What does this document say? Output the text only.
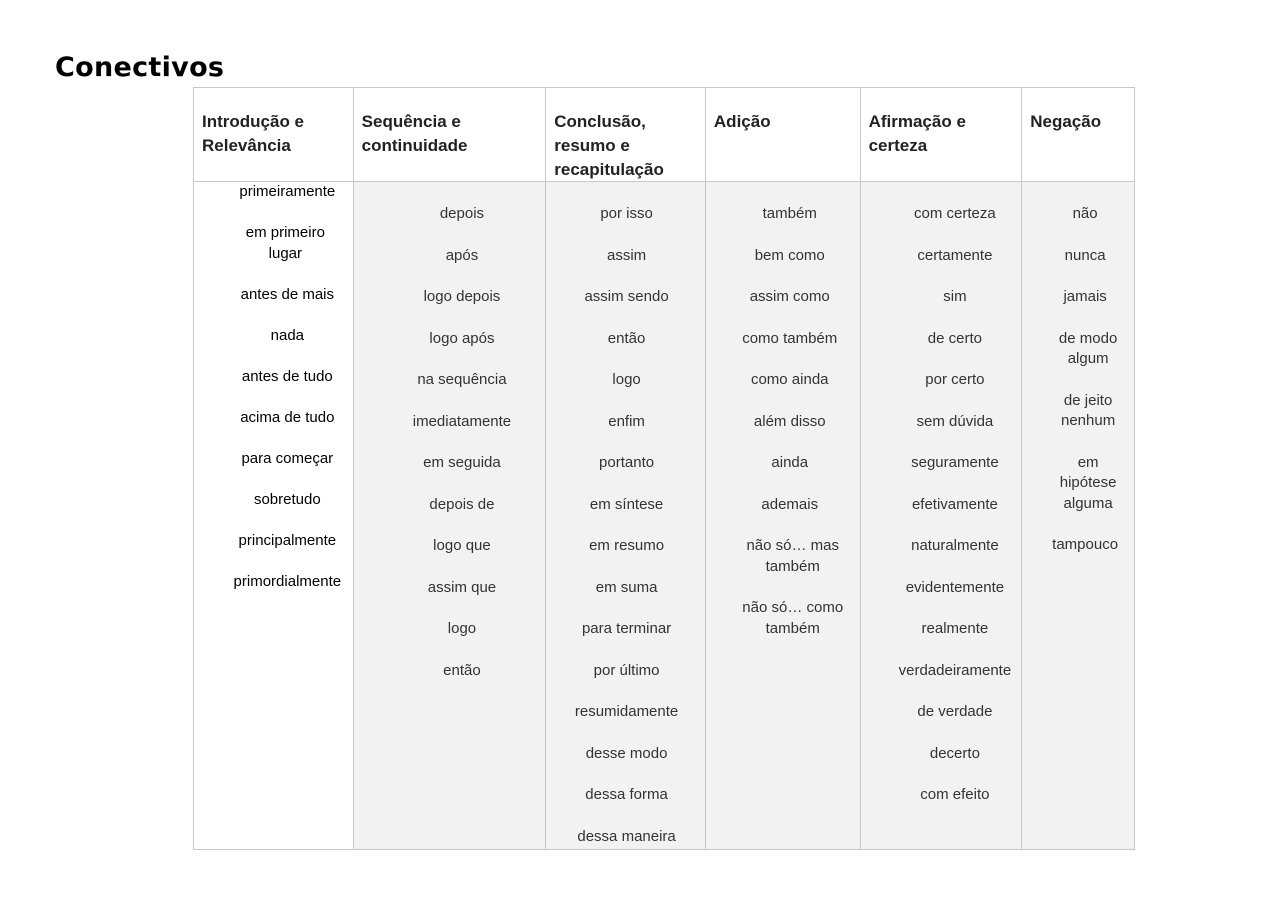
Conectivos
Introdução e Relevância
primeiramente
em primeiro lugar
antes de mais
nada
antes de tudo
acima de tudo
para começar
sobretudo
principalmente
primordialmente
Sequência e continuidade
depois
após
logo depois
logo após
na sequência
imediatamente
em seguida
depois de
logo que
assim que
logo
então
Conclusão, resumo e recapitulação
por isso
assim
assim sendo
então
logo
enfim
portanto
em síntese
em resumo
em suma
para terminar
por último
resumidamente
desse modo
dessa forma
dessa maneira
Adição
também
bem como
assim como
como também
como ainda
além disso
ainda
ademais
não só… mas também
não só… como também
Afirmação e certeza
com certeza
certamente
sim
de certo
por certo
sem dúvida
seguramente
efetivamente
naturalmente
evidentemente
realmente
verdadeiramente
de verdade
decerto
com efeito
Negação
não
nunca
jamais
de modo algum
de jeito nenhum
em hipótese alguma
tampouco
